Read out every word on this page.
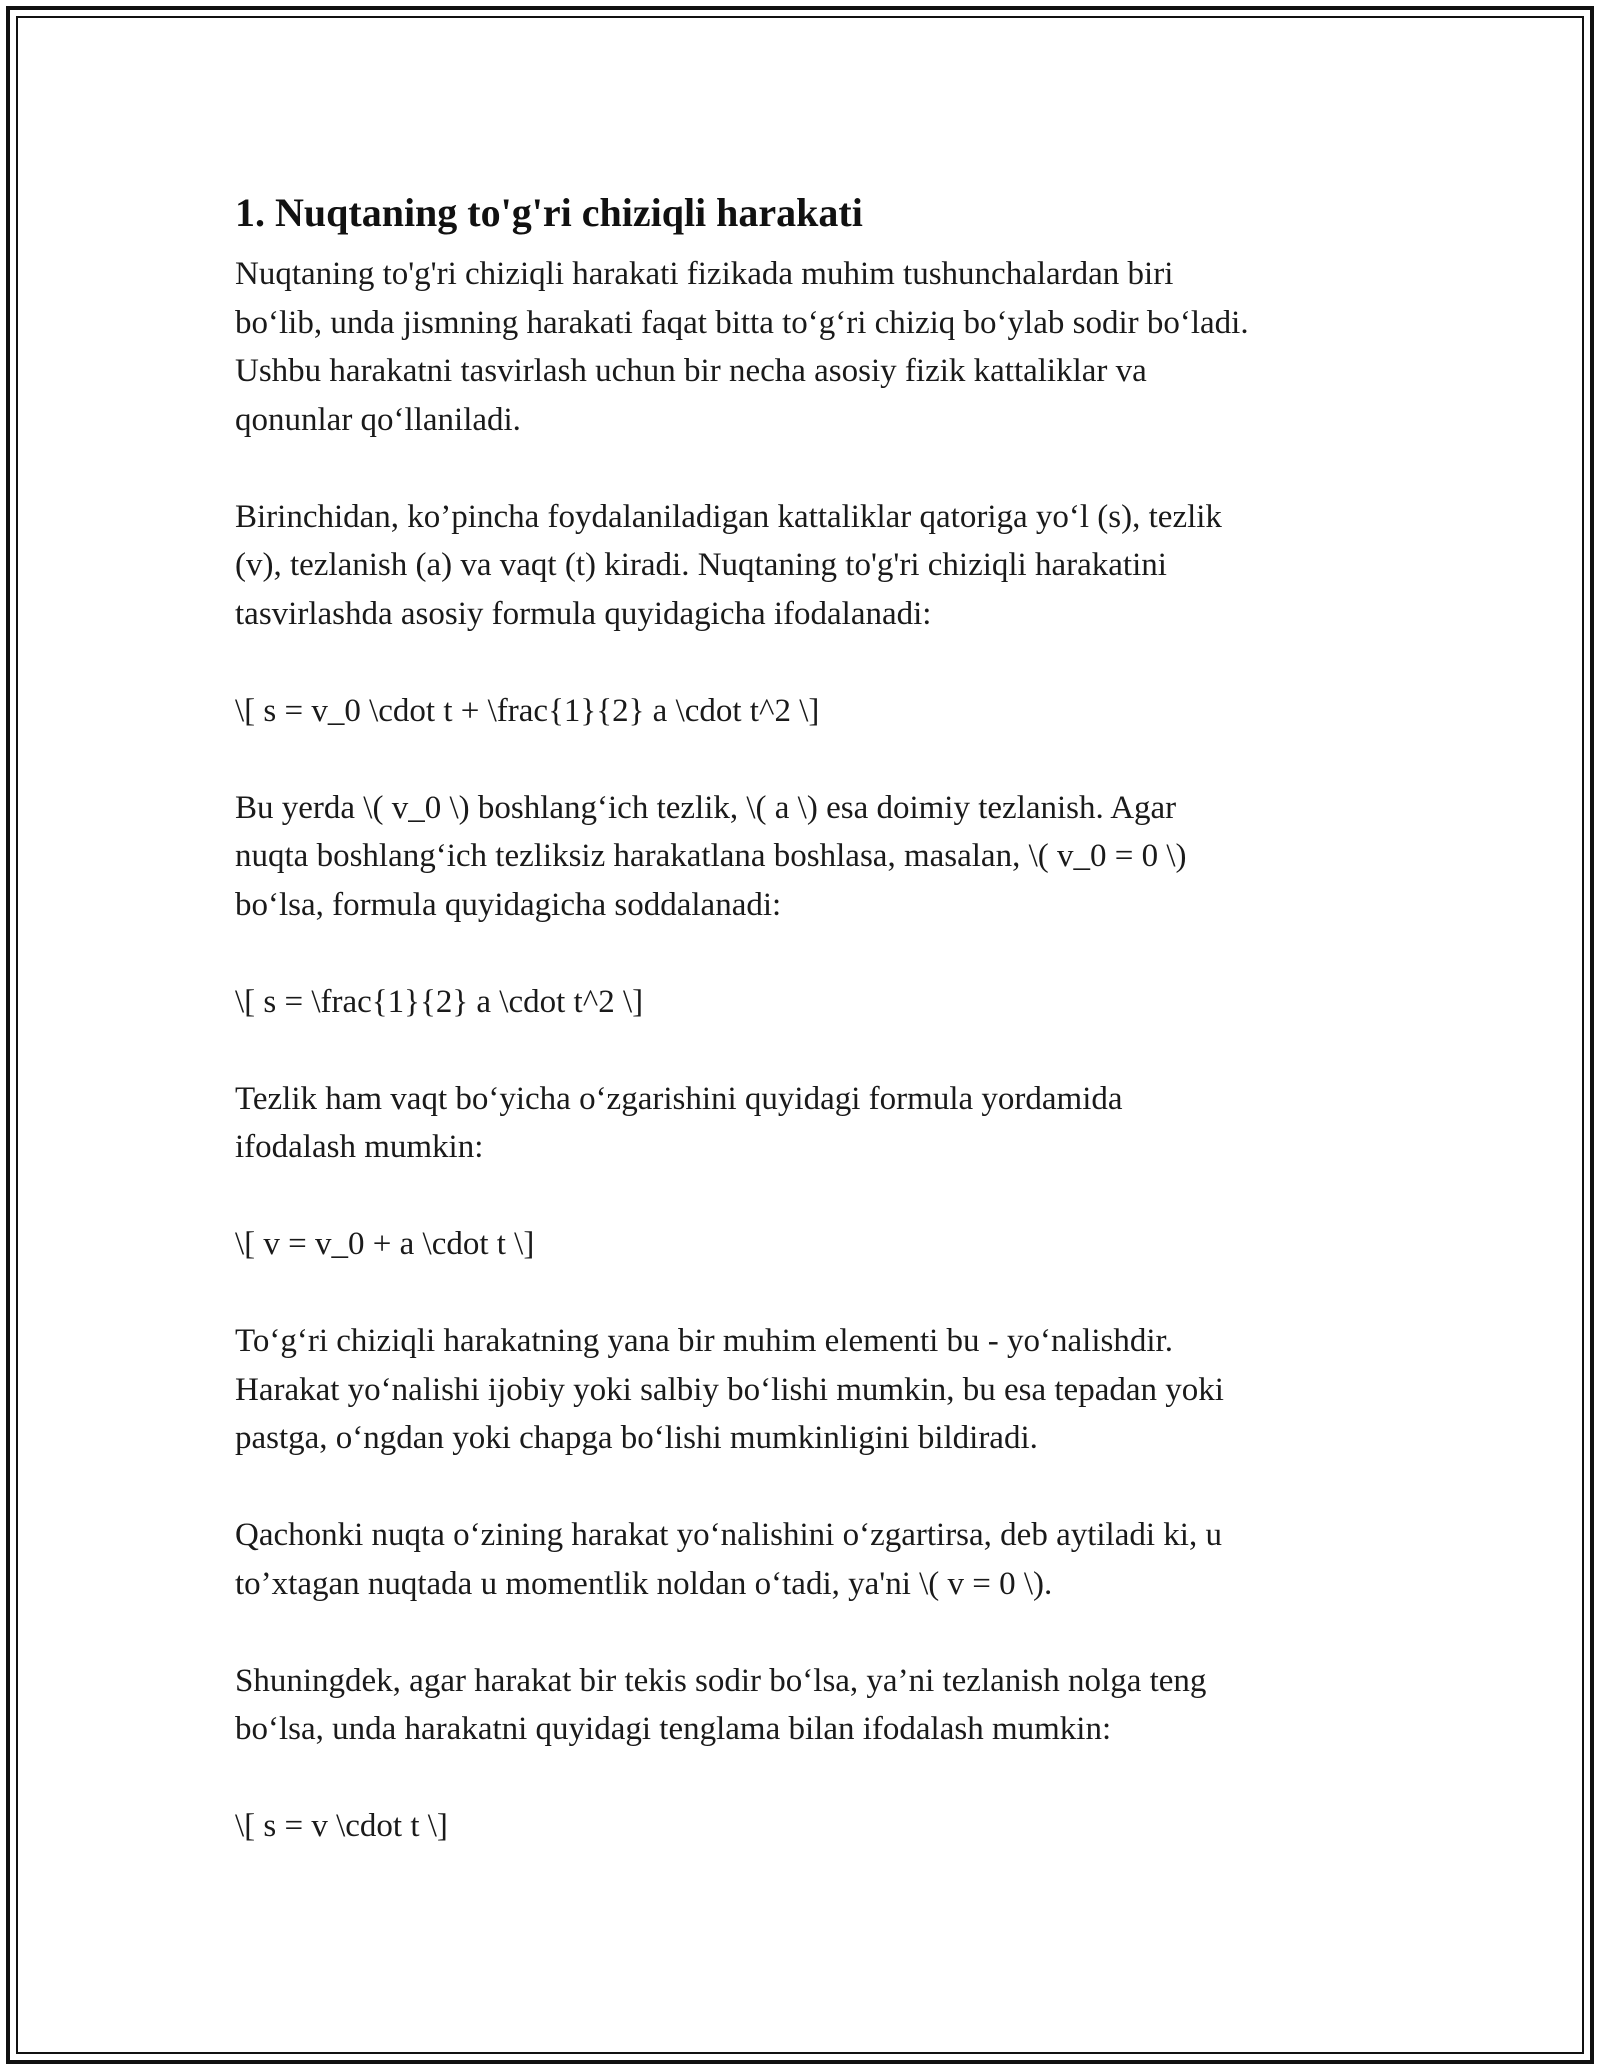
1. Nuqtaning to'g'ri chiziqli harakati
Nuqtaning to'g'ri chiziqli harakati fizikada muhim tushunchalardan biri
bo‘lib, unda jismning harakati faqat bitta to‘g‘ri chiziq bo‘ylab sodir bo‘ladi.
Ushbu harakatni tasvirlash uchun bir necha asosiy fizik kattaliklar va
qonunlar qo‘llaniladi.
Birinchidan, ko’pincha foydalaniladigan kattaliklar qatoriga yo‘l (s), tezlik
(v), tezlanish (a) va vaqt (t) kiradi. Nuqtaning to'g'ri chiziqli harakatini
tasvirlashda asosiy formula quyidagicha ifodalanadi:
\[ s = v_0 \cdot t + \frac{1}{2} a \cdot t^2 \]
Bu yerda \( v_0 \) boshlang‘ich tezlik, \( a \) esa doimiy tezlanish. Agar
nuqta boshlang‘ich tezliksiz harakatlana boshlasa, masalan, \( v_0 = 0 \)
bo‘lsa, formula quyidagicha soddalanadi:
\[ s = \frac{1}{2} a \cdot t^2 \]
Tezlik ham vaqt bo‘yicha o‘zgarishini quyidagi formula yordamida
ifodalash mumkin:
\[ v = v_0 + a \cdot t \]
To‘g‘ri chiziqli harakatning yana bir muhim elementi bu - yo‘nalishdir.
Harakat yo‘nalishi ijobiy yoki salbiy bo‘lishi mumkin, bu esa tepadan yoki
pastga, o‘ngdan yoki chapga bo‘lishi mumkinligini bildiradi.
Qachonki nuqta o‘zining harakat yo‘nalishini o‘zgartirsa, deb aytiladi ki, u
to’xtagan nuqtada u momentlik noldan o‘tadi, ya'ni \( v = 0 \).
Shuningdek, agar harakat bir tekis sodir bo‘lsa, ya’ni tezlanish nolga teng
bo‘lsa, unda harakatni quyidagi tenglama bilan ifodalash mumkin:
\[ s = v \cdot t \]
